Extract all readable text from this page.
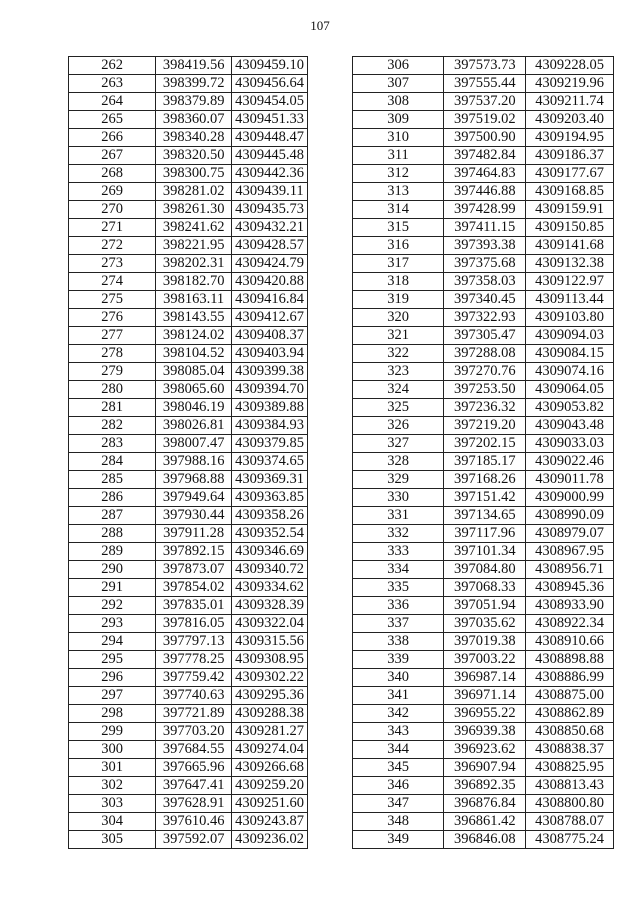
107
262	398419.56	4309459.10
263	398399.72	4309456.64
264	398379.89	4309454.05
265	398360.07	4309451.33
266	398340.28	4309448.47
267	398320.50	4309445.48
268	398300.75	4309442.36
269	398281.02	4309439.11
270	398261.30	4309435.73
271	398241.62	4309432.21
272	398221.95	4309428.57
273	398202.31	4309424.79
274	398182.70	4309420.88
275	398163.11	4309416.84
276	398143.55	4309412.67
277	398124.02	4309408.37
278	398104.52	4309403.94
279	398085.04	4309399.38
280	398065.60	4309394.70
281	398046.19	4309389.88
282	398026.81	4309384.93
283	398007.47	4309379.85
284	397988.16	4309374.65
285	397968.88	4309369.31
286	397949.64	4309363.85
287	397930.44	4309358.26
288	397911.28	4309352.54
289	397892.15	4309346.69
290	397873.07	4309340.72
291	397854.02	4309334.62
292	397835.01	4309328.39
293	397816.05	4309322.04
294	397797.13	4309315.56
295	397778.25	4309308.95
296	397759.42	4309302.22
297	397740.63	4309295.36
298	397721.89	4309288.38
299	397703.20	4309281.27
300	397684.55	4309274.04
301	397665.96	4309266.68
302	397647.41	4309259.20
303	397628.91	4309251.60
304	397610.46	4309243.87
305	397592.07	4309236.02
306	397573.73	4309228.05
307	397555.44	4309219.96
308	397537.20	4309211.74
309	397519.02	4309203.40
310	397500.90	4309194.95
311	397482.84	4309186.37
312	397464.83	4309177.67
313	397446.88	4309168.85
314	397428.99	4309159.91
315	397411.15	4309150.85
316	397393.38	4309141.68
317	397375.68	4309132.38
318	397358.03	4309122.97
319	397340.45	4309113.44
320	397322.93	4309103.80
321	397305.47	4309094.03
322	397288.08	4309084.15
323	397270.76	4309074.16
324	397253.50	4309064.05
325	397236.32	4309053.82
326	397219.20	4309043.48
327	397202.15	4309033.03
328	397185.17	4309022.46
329	397168.26	4309011.78
330	397151.42	4309000.99
331	397134.65	4308990.09
332	397117.96	4308979.07
333	397101.34	4308967.95
334	397084.80	4308956.71
335	397068.33	4308945.36
336	397051.94	4308933.90
337	397035.62	4308922.34
338	397019.38	4308910.66
339	397003.22	4308898.88
340	396987.14	4308886.99
341	396971.14	4308875.00
342	396955.22	4308862.89
343	396939.38	4308850.68
344	396923.62	4308838.37
345	396907.94	4308825.95
346	396892.35	4308813.43
347	396876.84	4308800.80
348	396861.42	4308788.07
349	396846.08	4308775.24
